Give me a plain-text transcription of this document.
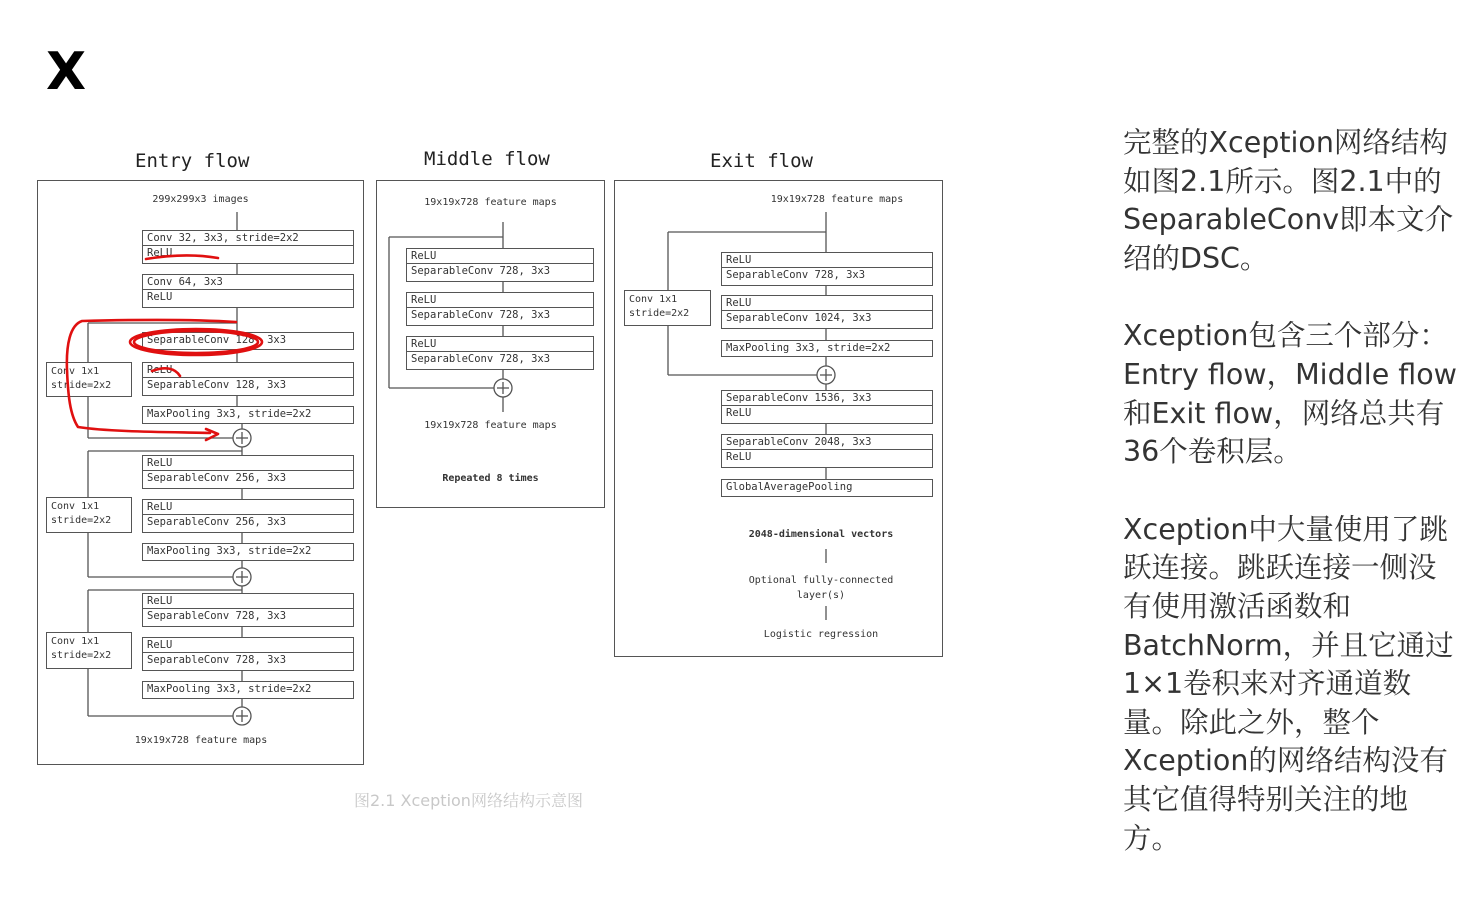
X
Entry flow	Middle flow	Exit flow
299x299x3 images
19x19x728 feature maps
Conv 32, 3x3, stride=2x2
ReLU
Conv 64, 3x3
ReLU
SeparableConv 128, 3x3
ReLU
SeparableConv 128, 3x3
MaxPooling 3x3, stride=2x2
ReLU
SeparableConv 256, 3x3
ReLU
SeparableConv 256, 3x3
MaxPooling 3x3, stride=2x2
ReLU
SeparableConv 728, 3x3
ReLU
SeparableConv 728, 3x3
MaxPooling 3x3, stride=2x2
Conv 1x1
stride=2x2
Conv 1x1
stride=2x2
Conv 1x1
stride=2x2
19x19x728 feature maps
ReLU
SeparableConv 728, 3x3
ReLU
SeparableConv 728, 3x3
ReLU
SeparableConv 728, 3x3
19x19x728 feature maps
Repeated 8 times
19x19x728 feature maps
ReLU
SeparableConv 728, 3x3
ReLU
SeparableConv 1024, 3x3
MaxPooling 3x3, stride=2x2
SeparableConv 1536, 3x3
ReLU
SeparableConv 2048, 3x3
ReLU
GlobalAveragePooling
Conv 1x1
stride=2x2
2048-dimensional vectors
Optional fully-connected
layer(s)
Logistic regression
图2.1 Xception网络结构示意图

完整的Xception网络结构如图2.1所示。图2.1中的SeparableConv即本文介绍的DSC。

Xception包含三个部分：Entry flow，Middle flow和Exit flow，网络总共有36个卷积层。

Xception中大量使用了跳跃连接。跳跃连接一侧没有使用激活函数和BatchNorm，并且它通过1×1卷积来对齐通道数量。除此之外，整个Xception的网络结构没有其它值得特别关注的地方。
